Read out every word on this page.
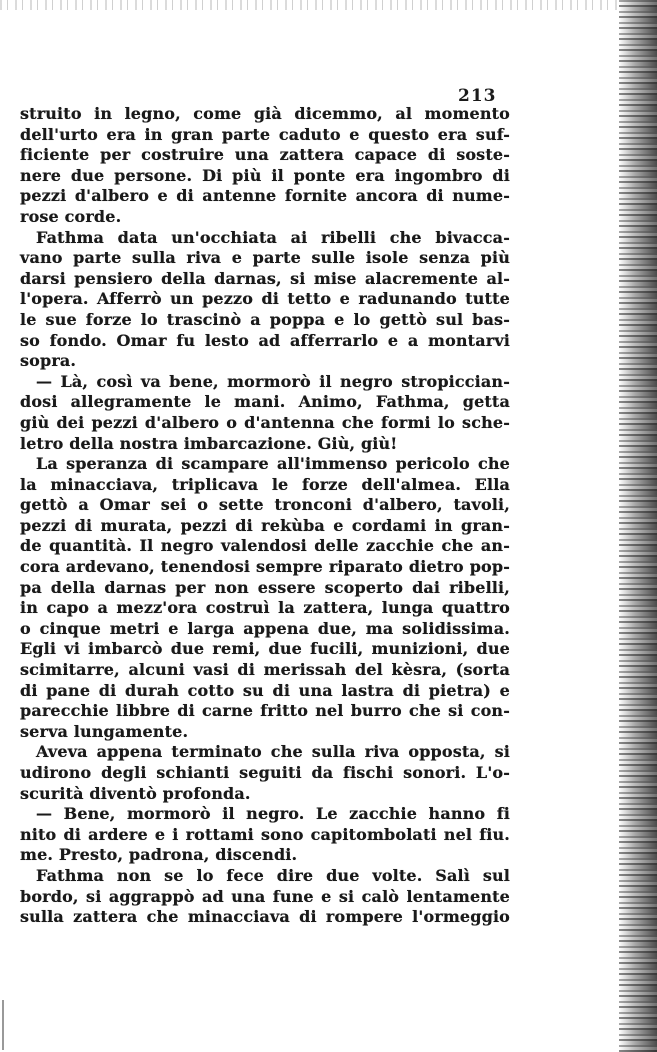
213
struito in legno, come già dicemmo, al momento
dell'urto era in gran parte caduto e questo era suf-
ficiente per costruire una zattera capace di soste-
nere due persone. Di più il ponte era ingombro di
pezzi d'albero e di antenne fornite ancora di nume-
rose corde.
Fathma data un'occhiata ai ribelli che bivacca-
vano parte sulla riva e parte sulle isole senza più
darsi pensiero della darnas, si mise alacremente al-
l'opera. Afferrò un pezzo di tetto e radunando tutte
le sue forze lo trascinò a poppa e lo gettò sul bas-
so fondo. Omar fu lesto ad afferrarlo e a montarvi
sopra.
— Là, così va bene, mormorò il negro stropiccian-
dosi allegramente le mani. Animo, Fathma, getta
giù dei pezzi d'albero o d'antenna che formi lo sche-
letro della nostra imbarcazione. Giù, giù!
La speranza di scampare all'immenso pericolo che
la minacciava, triplicava le forze dell'almea. Ella
gettò a Omar sei o sette tronconi d'albero, tavoli,
pezzi di murata, pezzi di rekùba e cordami in gran-
de quantità. Il negro valendosi delle zacchie che an-
cora ardevano, tenendosi sempre riparato dietro pop-
pa della darnas per non essere scoperto dai ribelli,
in capo a mezz'ora costruì la zattera, lunga quattro
o cinque metri e larga appena due, ma solidissima.
Egli vi imbarcò due remi, due fucili, munizioni, due
scimitarre, alcuni vasi di merissah del kèsra, (sorta
di pane di durah cotto su di una lastra di pietra) e
parecchie libbre di carne fritto nel burro che si con-
serva lungamente.
Aveva appena terminato che sulla riva opposta, si
udirono degli schianti seguiti da fischi sonori. L'o-
scurità diventò profonda.
— Bene, mormorò il negro. Le zacchie hanno fi
nito di ardere e i rottami sono capitombolati nel fiu.
me. Presto, padrona, discendi.
Fathma non se lo fece dire due volte. Salì sul
bordo, si aggrappò ad una fune e si calò lentamente
sulla zattera che minacciava di rompere l'ormeggio
